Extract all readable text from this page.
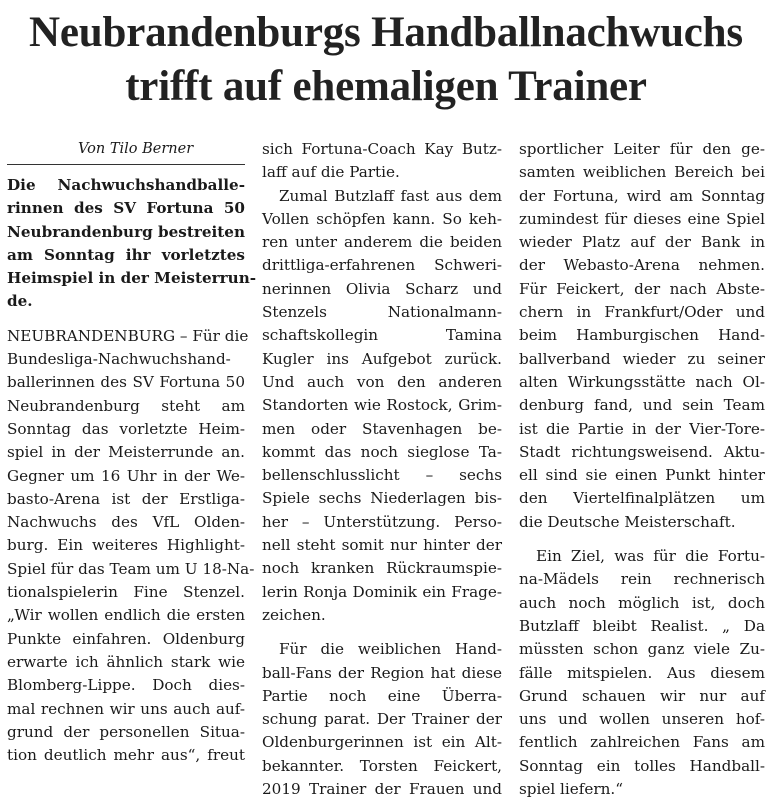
Neubrandenburgs Handballnachwuchs
trifft auf ehemaligen Trainer
Von Tilo Berner
Die Nachwuchshandballe-
rinnen des SV Fortuna 50
Neubrandenburg bestreiten
am Sonntag ihr vorletztes
Heimspiel in der Meisterrun-
de.
NEUBRANDENBURG – Für die
Bundesliga-Nachwuchshand-
ballerinnen des SV Fortuna 50
Neubrandenburg steht am
Sonntag das vorletzte Heim-
spiel in der Meisterrunde an.
Gegner um 16 Uhr in der We-
basto-Arena ist der Erstliga-
Nachwuchs des VfL Olden-
burg. Ein weiteres Highlight-
Spiel für das Team um U 18-Na-
tionalspielerin Fine Stenzel.
„Wir wollen endlich die ersten
Punkte einfahren. Oldenburg
erwarte ich ähnlich stark wie
Blomberg-Lippe. Doch dies-
mal rechnen wir uns auch auf-
grund der personellen Situa-
tion deutlich mehr aus“, freut
sich Fortuna-Coach Kay Butz-
laff auf die Partie.
Zumal Butzlaff fast aus dem
Vollen schöpfen kann. So keh-
ren unter anderem die beiden
drittliga-erfahrenen Schweri-
nerinnen Olivia Scharz und
Stenzels Nationalmann-
schaftskollegin Tamina
Kugler ins Aufgebot zurück.
Und auch von den anderen
Standorten wie Rostock, Grim-
men oder Stavenhagen be-
kommt das noch sieglose Ta-
bellenschlusslicht – sechs
Spiele sechs Niederlagen bis-
her – Unterstützung. Perso-
nell steht somit nur hinter der
noch kranken Rückraumspie-
lerin Ronja Dominik ein Frage-
zeichen.
Für die weiblichen Hand-
ball-Fans der Region hat diese
Partie noch eine Überra-
schung parat. Der Trainer der
Oldenburgerinnen ist ein Alt-
bekannter. Torsten Feickert,
2019 Trainer der Frauen und
sportlicher Leiter für den ge-
samten weiblichen Bereich bei
der Fortuna, wird am Sonntag
zumindest für dieses eine Spiel
wieder Platz auf der Bank in
der Webasto-Arena nehmen.
Für Feickert, der nach Abste-
chern in Frankfurt/Oder und
beim Hamburgischen Hand-
ballverband wieder zu seiner
alten Wirkungsstätte nach Ol-
denburg fand, und sein Team
ist die Partie in der Vier-Tore-
Stadt richtungsweisend. Aktu-
ell sind sie einen Punkt hinter
den Viertelfinalplätzen um
die Deutsche Meisterschaft.
Ein Ziel, was für die Fortu-
na-Mädels rein rechnerisch
auch noch möglich ist, doch
Butzlaff bleibt Realist. „ Da
müssten schon ganz viele Zu-
fälle mitspielen. Aus diesem
Grund schauen wir nur auf
uns und wollen unseren hof-
fentlich zahlreichen Fans am
Sonntag ein tolles Handball-
spiel liefern.“
